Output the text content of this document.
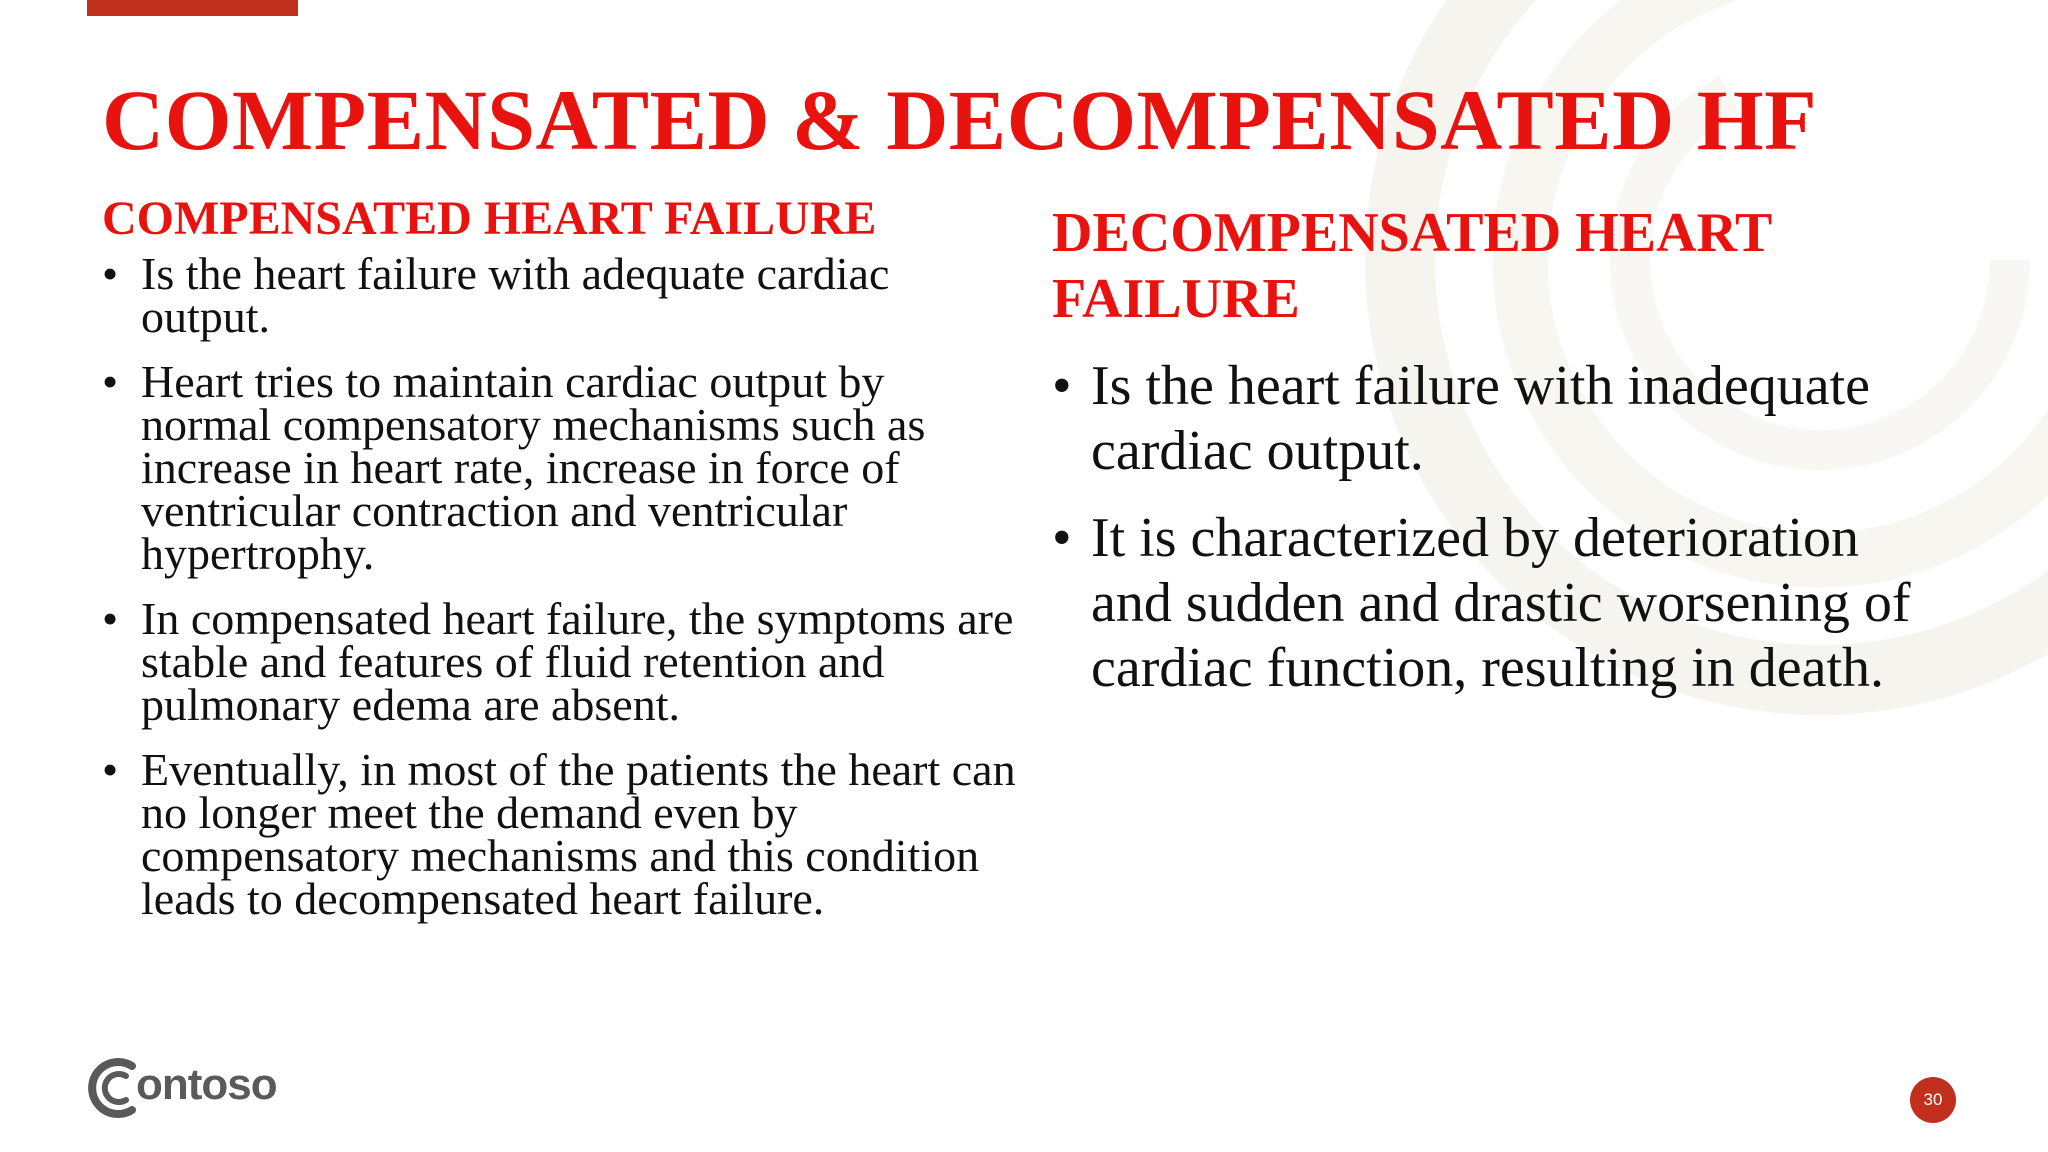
COMPENSATED & DECOMPENSATED HF
COMPENSATED HEART FAILURE
• Is the heart failure with adequate cardiac output.
• Heart tries to maintain cardiac output by normal compensatory mechanisms such as increase in heart rate, increase in force of ventricular contraction and ventricular hypertrophy.
• In compensated heart failure, the symptoms are stable and features of fluid retention and pulmonary edema are absent.
• Eventually, in most of the patients the heart can no longer meet the demand even by compensatory mechanisms and this condition leads to decompensated heart failure.
DECOMPENSATED HEART FAILURE
• Is the heart failure with inadequate cardiac output.
• It is characterized by deterioration and sudden and drastic worsening of cardiac function, resulting in death.
ontoso	30
